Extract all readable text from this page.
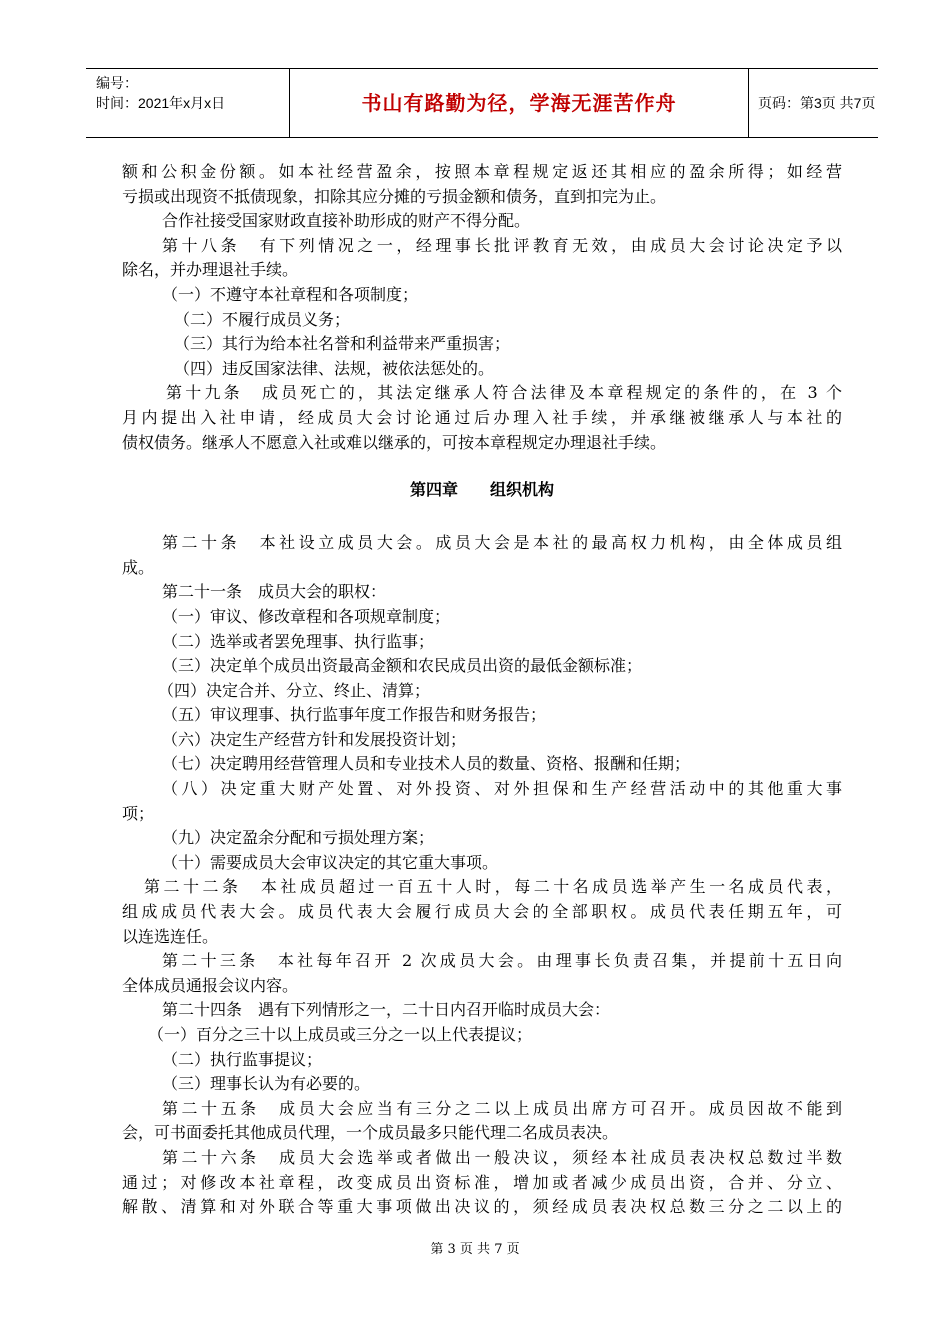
编号：
时间：2021年x月x日	书山有路勤为径，学海无涯苦作舟	页码：第3页 共7页
额和公积金份额。如本社经营盈余，按照本章程规定返还其相应的盈余所得；如经营
亏损或出现资不抵债现象，扣除其应分摊的亏损金额和债务，直到扣完为止。
合作社接受国家财政直接补助形成的财产不得分配。
第十八条　有下列情况之一，经理事长批评教育无效，由成员大会讨论决定予以
除名，并办理退社手续。
（一）不遵守本社章程和各项制度；
（二）不履行成员义务；
（三）其行为给本社名誉和利益带来严重损害；
（四）违反国家法律、法规，被依法惩处的。
第十九条　成员死亡的，其法定继承人符合法律及本章程规定的条件的，在 3 个
月内提出入社申请，经成员大会讨论通过后办理入社手续，并承继被继承人与本社的
债权债务。继承人不愿意入社或难以继承的，可按本章程规定办理退社手续。
第四章　　组织机构
第二十条　本社设立成员大会。成员大会是本社的最高权力机构，由全体成员组
成。
第二十一条　成员大会的职权：
（一）审议、修改章程和各项规章制度；
（二）选举或者罢免理事、执行监事；
（三）决定单个成员出资最高金额和农民成员出资的最低金额标准；
（四）决定合并、分立、终止、清算；
（五）审议理事、执行监事年度工作报告和财务报告；
（六）决定生产经营方针和发展投资计划；
（七）决定聘用经营管理人员和专业技术人员的数量、资格、报酬和任期；
（八）决定重大财产处置、对外投资、对外担保和生产经营活动中的其他重大事
项；
（九）决定盈余分配和亏损处理方案；
（十）需要成员大会审议决定的其它重大事项。
第二十二条　本社成员超过一百五十人时，每二十名成员选举产生一名成员代表，
组成成员代表大会。成员代表大会履行成员大会的全部职权。成员代表任期五年，可
以连选连任。
第二十三条　本社每年召开 2 次成员大会。由理事长负责召集，并提前十五日向
全体成员通报会议内容。
第二十四条　遇有下列情形之一，二十日内召开临时成员大会：
（一）百分之三十以上成员或三分之一以上代表提议；
（二）执行监事提议；
（三）理事长认为有必要的。
第二十五条　成员大会应当有三分之二以上成员出席方可召开。成员因故不能到
会，可书面委托其他成员代理，一个成员最多只能代理二名成员表决。
第二十六条　成员大会选举或者做出一般决议，须经本社成员表决权总数过半数
通过；对修改本社章程，改变成员出资标准，增加或者减少成员出资，合并、分立、
解散、清算和对外联合等重大事项做出决议的，须经成员表决权总数三分之二以上的
第 3 页 共 7 页
